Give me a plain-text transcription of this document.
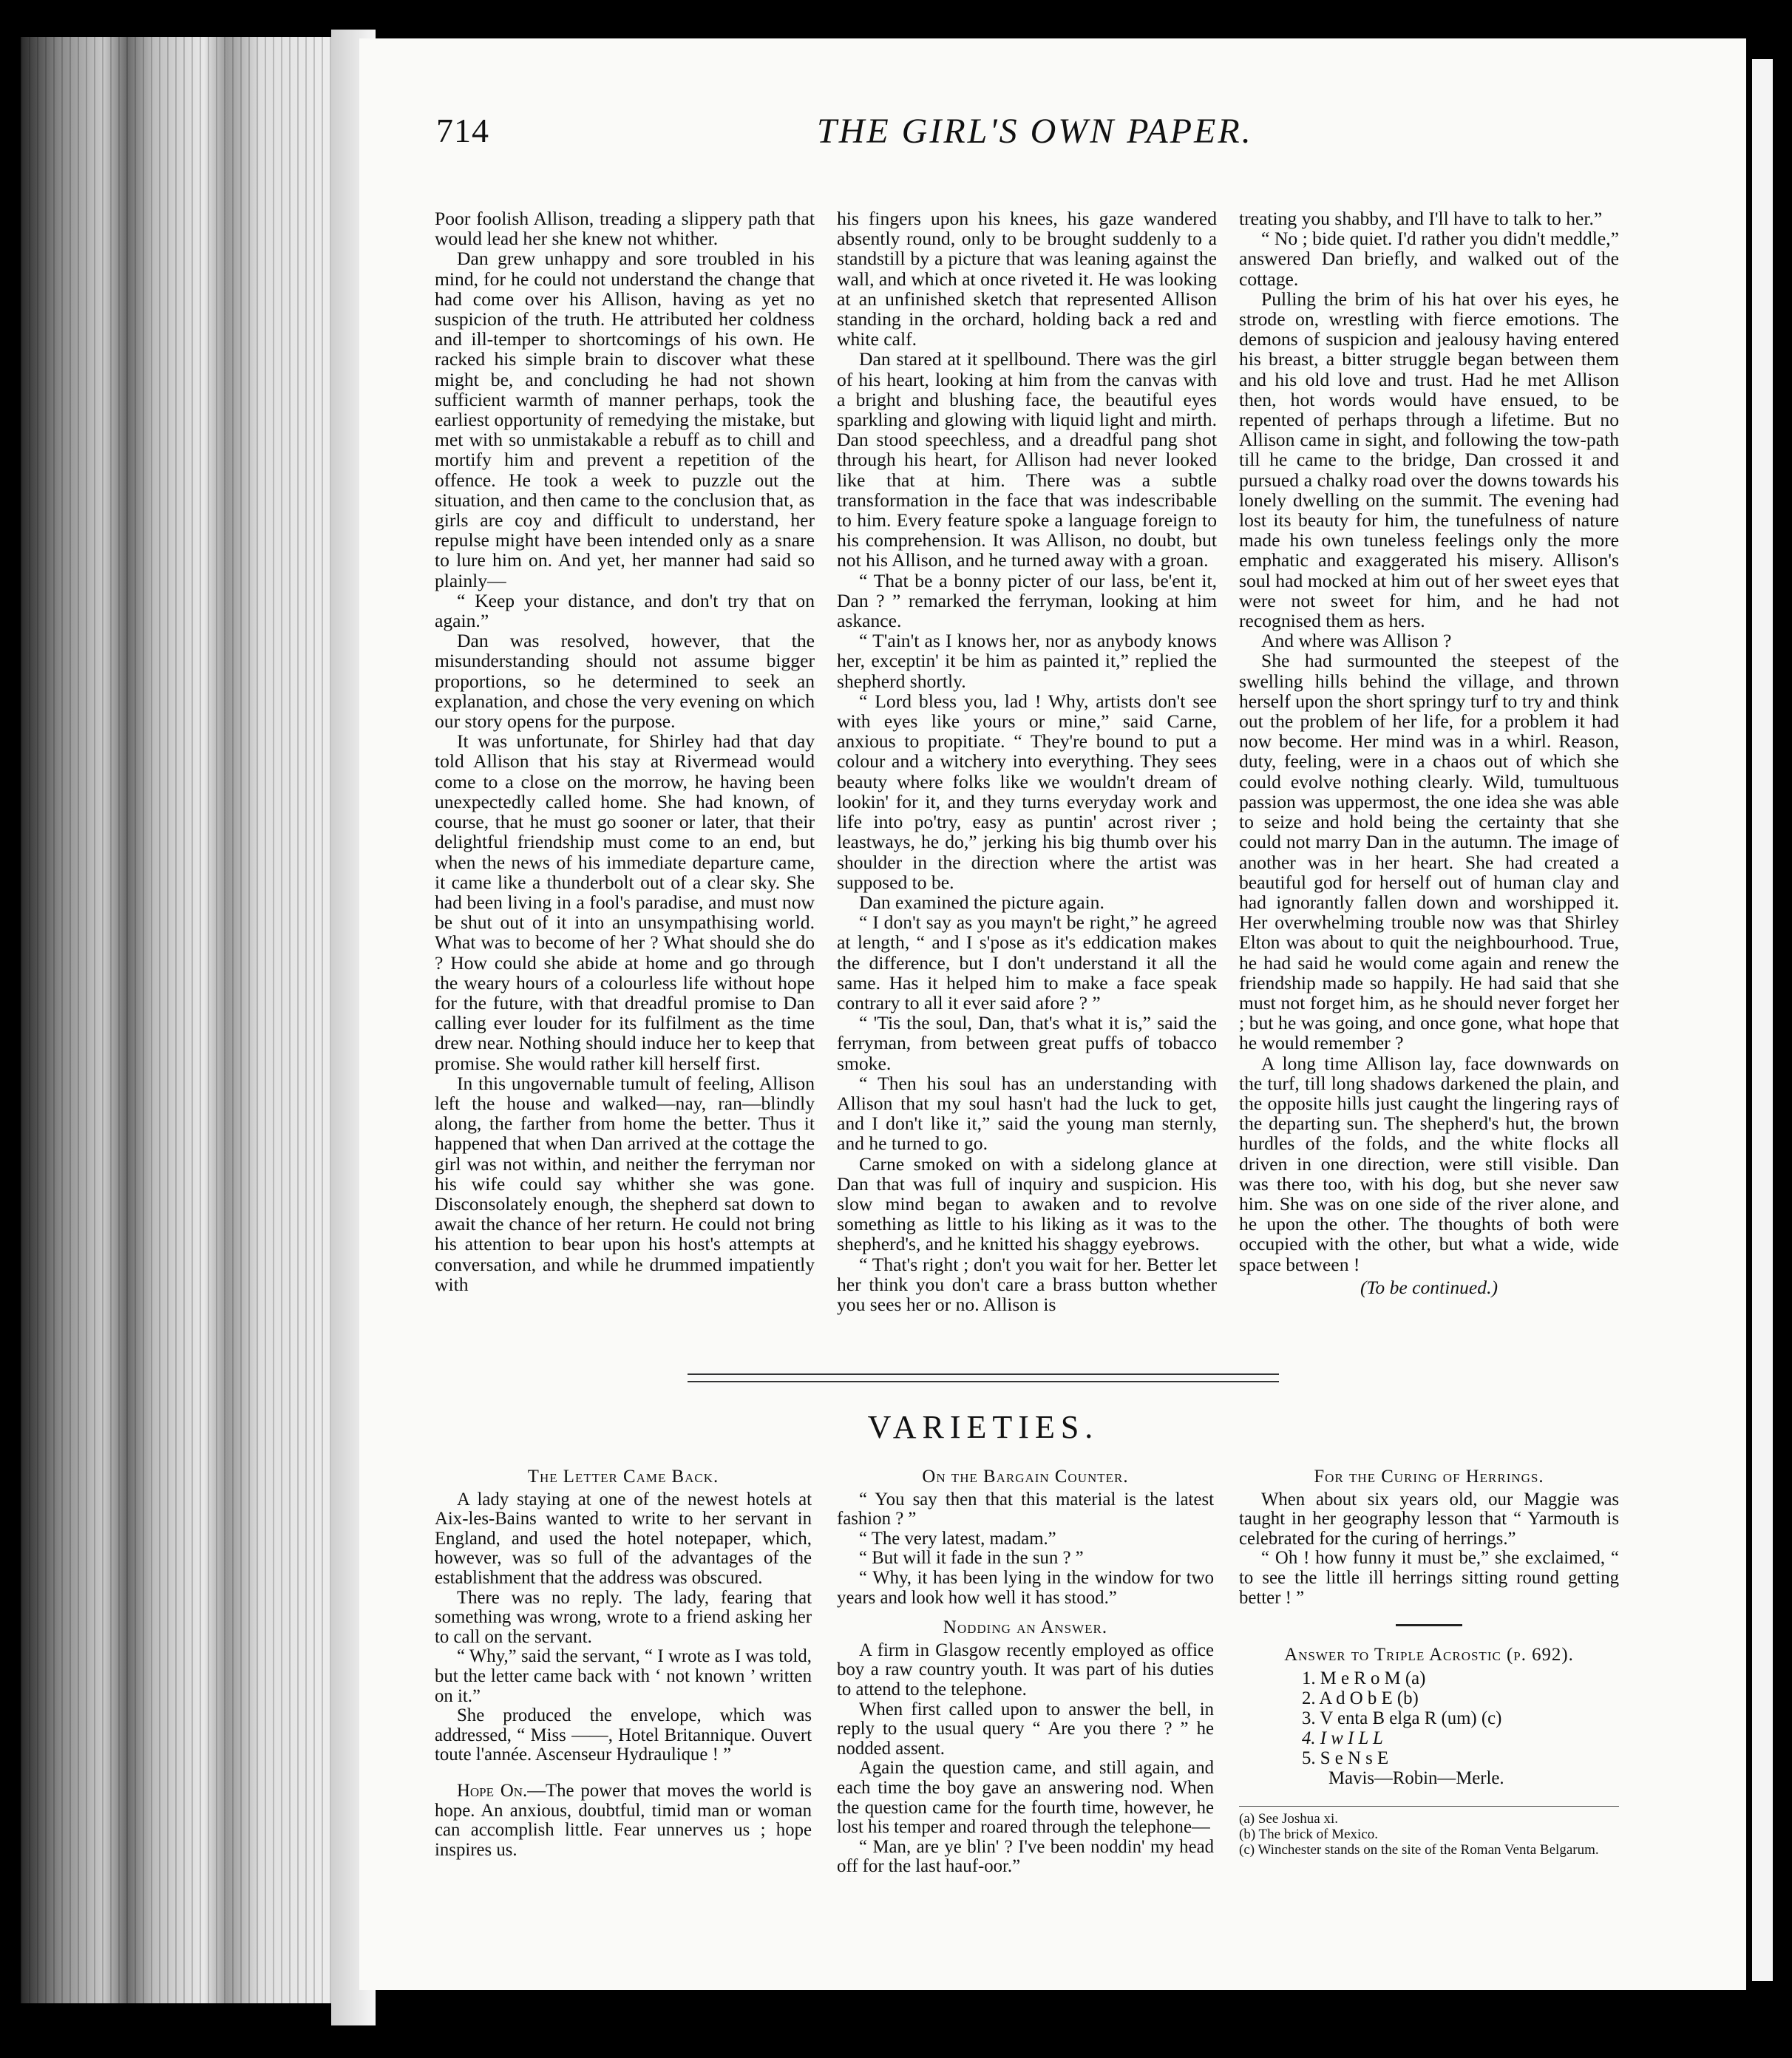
714	THE GIRL'S OWN PAPER.

Poor foolish Allison, treading a slippery path that would lead her she knew not whither.

Dan grew unhappy and sore troubled in his mind, for he could not understand the change that had come over his Allison, having as yet no suspicion of the truth. He attributed her coldness and ill-temper to shortcomings of his own. He racked his simple brain to discover what these might be, and concluding he had not shown sufficient warmth of manner perhaps, took the earliest opportunity of remedying the mistake, but met with so unmistakable a rebuff as to chill and mortify him and prevent a repetition of the offence. He took a week to puzzle out the situation, and then came to the conclusion that, as girls are coy and difficult to understand, her repulse might have been intended only as a snare to lure him on. And yet, her manner had said so plainly—

“ Keep your distance, and don't try that on again.”

Dan was resolved, however, that the misunderstanding should not assume bigger proportions, so he determined to seek an explanation, and chose the very evening on which our story opens for the purpose.

It was unfortunate, for Shirley had that day told Allison that his stay at Rivermead would come to a close on the morrow, he having been unexpectedly called home. She had known, of course, that he must go sooner or later, that their delightful friendship must come to an end, but when the news of his immediate departure came, it came like a thunderbolt out of a clear sky. She had been living in a fool's paradise, and must now be shut out of it into an unsympathising world. What was to become of her ? What should she do ? How could she abide at home and go through the weary hours of a colourless life without hope for the future, with that dreadful promise to Dan calling ever louder for its fulfilment as the time drew near. Nothing should induce her to keep that promise. She would rather kill herself first.

In this ungovernable tumult of feeling, Allison left the house and walked—nay, ran—blindly along, the farther from home the better. Thus it happened that when Dan arrived at the cottage the girl was not within, and neither the ferryman nor his wife could say whither she was gone. Disconsolately enough, the shepherd sat down to await the chance of her return. He could not bring his attention to bear upon his host's attempts at conversation, and while he drummed impatiently with

his fingers upon his knees, his gaze wandered absently round, only to be brought suddenly to a standstill by a picture that was leaning against the wall, and which at once riveted it. He was looking at an unfinished sketch that represented Allison standing in the orchard, holding back a red and white calf.

Dan stared at it spellbound. There was the girl of his heart, looking at him from the canvas with a bright and blushing face, the beautiful eyes sparkling and glowing with liquid light and mirth. Dan stood speechless, and a dreadful pang shot through his heart, for Allison had never looked like that at him. There was a subtle transformation in the face that was indescribable to him. Every feature spoke a language foreign to his comprehension. It was Allison, no doubt, but not his Allison, and he turned away with a groan.

“ That be a bonny picter of our lass, be'ent it, Dan ? ” remarked the ferryman, looking at him askance.

“ T'ain't as I knows her, nor as anybody knows her, exceptin' it be him as painted it,” replied the shepherd shortly.

“ Lord bless you, lad ! Why, artists don't see with eyes like yours or mine,” said Carne, anxious to propitiate. “ They're bound to put a colour and a witchery into everything. They sees beauty where folks like we wouldn't dream of lookin' for it, and they turns everyday work and life into po'try, easy as puntin' acrost river ; leastways, he do,” jerking his big thumb over his shoulder in the direction where the artist was supposed to be.

Dan examined the picture again.

“ I don't say as you mayn't be right,” he agreed at length, “ and I s'pose as it's eddication makes the difference, but I don't understand it all the same. Has it helped him to make a face speak contrary to all it ever said afore ? ”

“ 'Tis the soul, Dan, that's what it is,” said the ferryman, from between great puffs of tobacco smoke.

“ Then his soul has an understanding with Allison that my soul hasn't had the luck to get, and I don't like it,” said the young man sternly, and he turned to go.

Carne smoked on with a sidelong glance at Dan that was full of inquiry and suspicion. His slow mind began to awaken and to revolve something as little to his liking as it was to the shepherd's, and he knitted his shaggy eyebrows.

“ That's right ; don't you wait for her. Better let her think you don't care a brass button whether you sees her or no. Allison is

treating you shabby, and I'll have to talk to her.”

“ No ; bide quiet. I'd rather you didn't meddle,” answered Dan briefly, and walked out of the cottage.

Pulling the brim of his hat over his eyes, he strode on, wrestling with fierce emotions. The demons of suspicion and jealousy having entered his breast, a bitter struggle began between them and his old love and trust. Had he met Allison then, hot words would have ensued, to be repented of perhaps through a lifetime. But no Allison came in sight, and following the tow-path till he came to the bridge, Dan crossed it and pursued a chalky road over the downs towards his lonely dwelling on the summit. The evening had lost its beauty for him, the tunefulness of nature made his own tuneless feelings only the more emphatic and exaggerated his misery. Allison's soul had mocked at him out of her sweet eyes that were not sweet for him, and he had not recognised them as hers.

And where was Allison ?

She had surmounted the steepest of the swelling hills behind the village, and thrown herself upon the short springy turf to try and think out the problem of her life, for a problem it had now become. Her mind was in a whirl. Reason, duty, feeling, were in a chaos out of which she could evolve nothing clearly. Wild, tumultuous passion was uppermost, the one idea she was able to seize and hold being the certainty that she could not marry Dan in the autumn. The image of another was in her heart. She had created a beautiful god for herself out of human clay and had ignorantly fallen down and worshipped it. Her overwhelming trouble now was that Shirley Elton was about to quit the neighbourhood. True, he had said he would come again and renew the friendship made so happily. He had said that she must not forget him, as he should never forget her ; but he was going, and once gone, what hope that he would remember ?

A long time Allison lay, face downwards on the turf, till long shadows darkened the plain, and the opposite hills just caught the lingering rays of the departing sun. The shepherd's hut, the brown hurdles of the folds, and the white flocks all driven in one direction, were still visible. Dan was there too, with his dog, but she never saw him. She was on one side of the river alone, and he upon the other. The thoughts of both were occupied with the other, but what a wide, wide space between !

(To be continued.)

VARIETIES.

The Letter Came Back.

A lady staying at one of the newest hotels at Aix-les-Bains wanted to write to her servant in England, and used the hotel notepaper, which, however, was so full of the advantages of the establishment that the address was obscured.

There was no reply. The lady, fearing that something was wrong, wrote to a friend asking her to call on the servant.

“ Why,” said the servant, “ I wrote as I was told, but the letter came back with ‘ not known ’ written on it.”

She produced the envelope, which was addressed, “ Miss ——, Hotel Britannique. Ouvert toute l'année. Ascenseur Hydraulique ! ”

Hope On.—The power that moves the world is hope. An anxious, doubtful, timid man or woman can accomplish little. Fear unnerves us ; hope inspires us.

On the Bargain Counter.

“ You say then that this material is the latest fashion ? ”

“ The very latest, madam.”

“ But will it fade in the sun ? ”

“ Why, it has been lying in the window for two years and look how well it has stood.”

Nodding an Answer.

A firm in Glasgow recently employed as office boy a raw country youth. It was part of his duties to attend to the telephone.

When first called upon to answer the bell, in reply to the usual query “ Are you there ? ” he nodded assent.

Again the question came, and still again, and each time the boy gave an answering nod. When the question came for the fourth time, however, he lost his temper and roared through the telephone—

“ Man, are ye blin' ? I've been noddin' my head off for the last hauf-oor.”

For the Curing of Herrings.

When about six years old, our Maggie was taught in her geography lesson that “ Yarmouth is celebrated for the curing of herrings.”

“ Oh ! how funny it must be,” she exclaimed, “ to see the little ill herrings sitting round getting better ! ”

Answer to Triple Acrostic (p. 692).

1. M e R o M (a)
2. A d O b E (b)
3. V enta B elga R (um) (c)
4. I w I L L
5. S e N s E
Mavis—Robin—Merle.

(a) See Joshua xi.

(b) The brick of Mexico.

(c) Winchester stands on the site of the Roman Venta Belgarum.
